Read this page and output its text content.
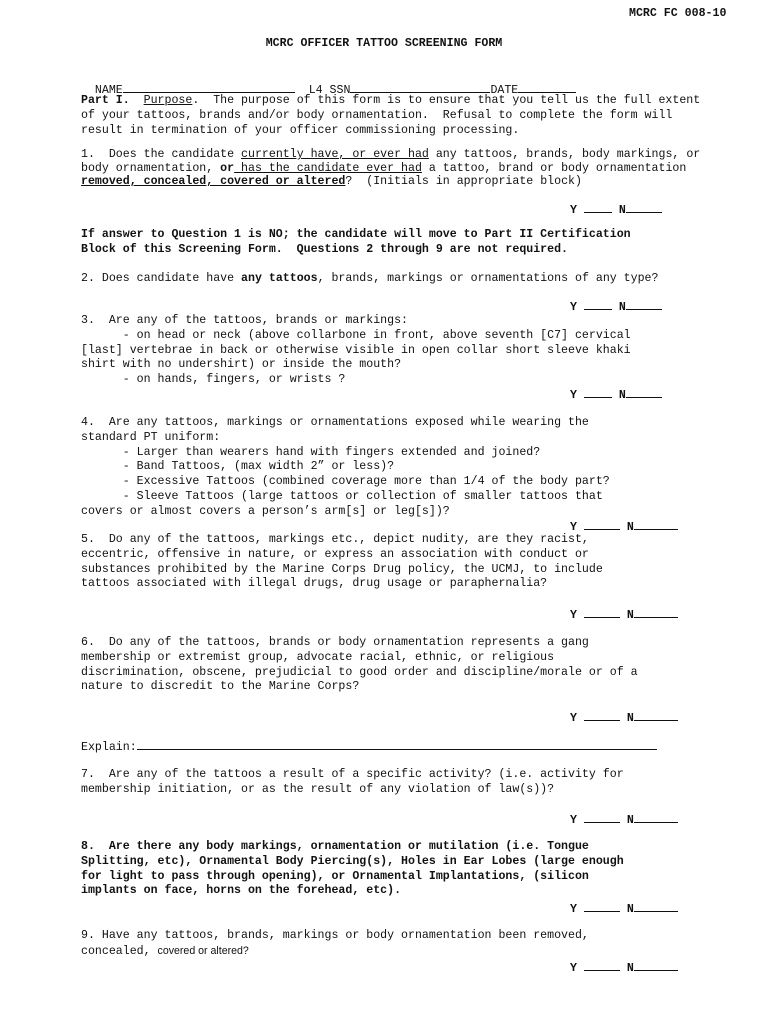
MCRC FC 008-10
MCRC OFFICER TATTOO SCREENING FORM

NAME	L4 SSN	DATE

Part I. Purpose.  The purpose of this form is to ensure that you tell us the full extent
of your tattoos, brands and/or body ornamentation.  Refusal to complete the form will
result in termination of your officer commissioning processing.
1.  Does the candidate currently have, or ever had any tattoos, brands, body markings, or
body ornamentation, or has the candidate ever had a tattoo, brand or body ornamentation
removed, concealed, covered or altered?  (Initials in appropriate block)
Y	N
If answer to Question 1 is NO; the candidate will move to Part II Certification
Block of this Screening Form.  Questions 2 through 9 are not required.
2. Does candidate have any tattoos, brands, markings or ornamentations of any type?
Y	N
3.  Are any of the tattoos, brands or markings:
- on head or neck (above collarbone in front, above seventh [C7] cervical
[last] vertebrae in back or otherwise visible in open collar short sleeve khaki
shirt with no undershirt) or inside the mouth?
- on hands, fingers, or wrists ?
Y	N
4.  Are any tattoos, markings or ornamentations exposed while wearing the
standard PT uniform:
- Larger than wearers hand with fingers extended and joined?
- Band Tattoos, (max width 2” or less)?
- Excessive Tattoos (combined coverage more than 1/4 of the body part?
- Sleeve Tattoos (large tattoos or collection of smaller tattoos that
covers or almost covers a person’s arm[s] or leg[s])?
Y	N
5.  Do any of the tattoos, markings etc., depict nudity, are they racist,
eccentric, offensive in nature, or express an association with conduct or
substances prohibited by the Marine Corps Drug policy, the UCMJ, to include
tattoos associated with illegal drugs, drug usage or paraphernalia?
Y	N
6.  Do any of the tattoos, brands or body ornamentation represents a gang
membership or extremist group, advocate racial, ethnic, or religious
discrimination, obscene, prejudicial to good order and discipline/morale or of a
nature to discredit to the Marine Corps?
Y	N
Explain:
7.  Are any of the tattoos a result of a specific activity? (i.e. activity for
membership initiation, or as the result of any violation of law(s))?
Y	N
8.  Are there any body markings, ornamentation or mutilation (i.e. Tongue
Splitting, etc), Ornamental Body Piercing(s), Holes in Ear Lobes (large enough
for light to pass through opening), or Ornamental Implantations, (silicon
implants on face, horns on the forehead, etc).
Y	N
9. Have any tattoos, brands, markings or body ornamentation been removed,
concealed, covered or altered?
Y	N
